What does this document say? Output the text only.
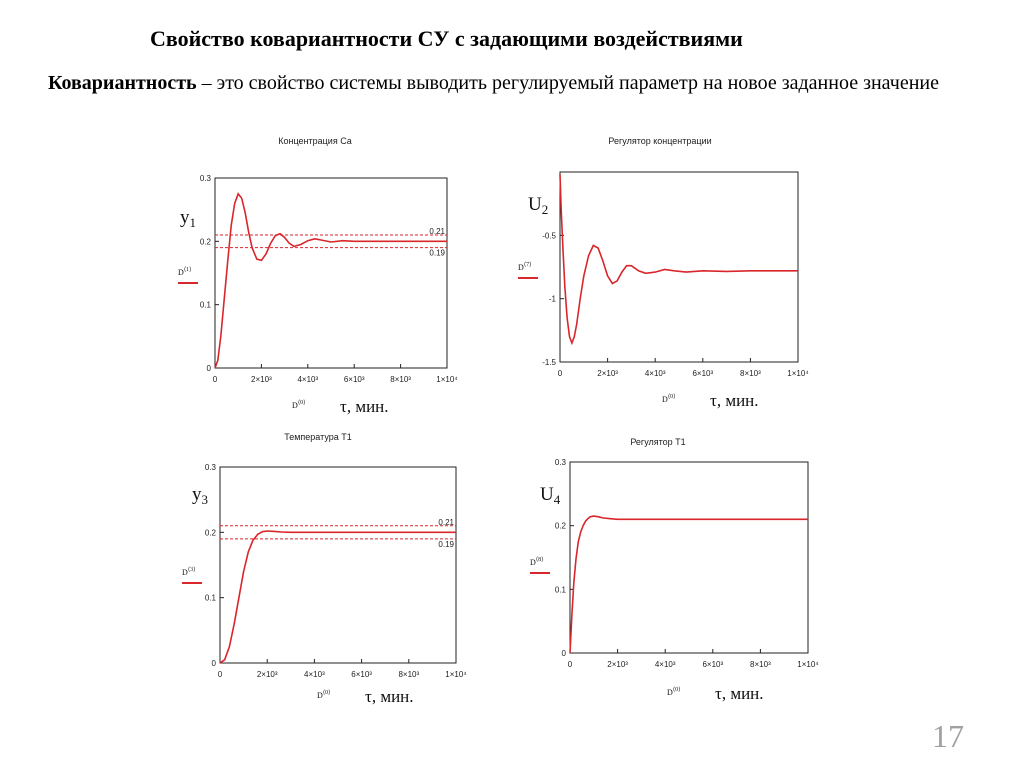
Свойство ковариантности СУ с задающими воздействиями
Ковариантность – это свойство системы выводить регулируемый параметр на новое заданное значение
Концентрация Ca
0
0.1
0.2
0.3
0	2×10³	4×10³	6×10³	8×10³	1×10⁴
0.21
0.19
$y_1$
$D^{⟨1⟩}$
$D^{⟨0⟩}$ τ, мин.
Регулятор концентрации
-0.5
-1
-1.5
0	2×10³	4×10³	6×10³	8×10³	1×10⁴
$U_2$
$D^{⟨7⟩}$
$D^{⟨0⟩}$ τ, мин.
Температура T1
0
0.1
0.2
0.3
0	2×10³	4×10³	6×10³	8×10³	1×10⁴
0.21
0.19
$y_3$
$D^{⟨3⟩}$
$D^{⟨0⟩}$ τ, мин.
Регулятор T1
0
0.1
0.2
0.3
0	2×10³	4×10³	6×10³	8×10³	1×10⁴
$U_4$
$D^{⟨8⟩}$
$D^{⟨0⟩}$ τ, мин.
17
